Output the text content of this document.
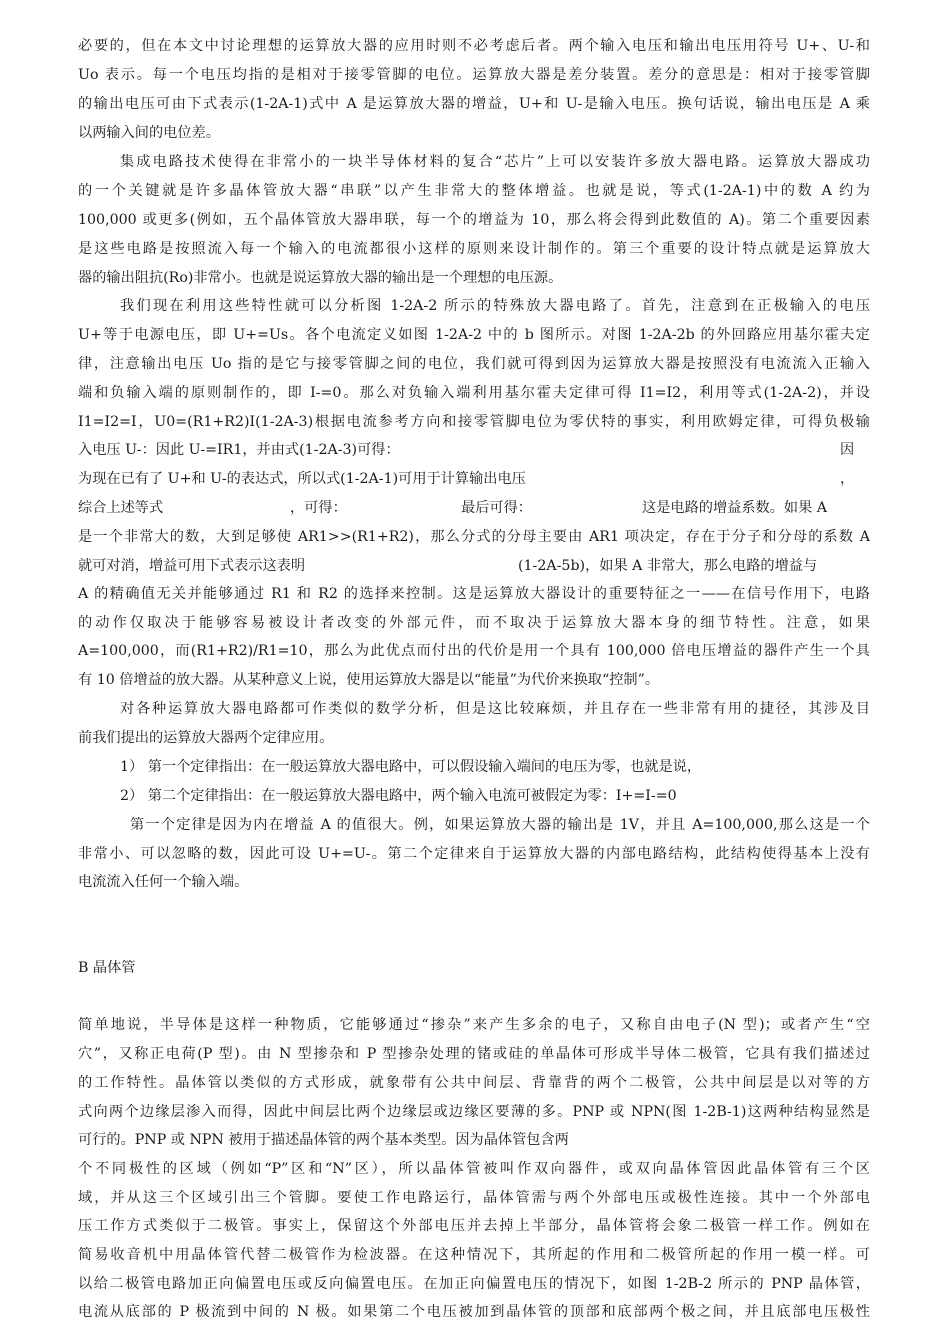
必要的，但在本文中讨论理想的运算放大器的应用时则不必考虑后者。两个输入电压和输出电压用符号 U+、U-和
Uo 表示。每一个电压均指的是相对于接零管脚的电位。运算放大器是差分装置。差分的意思是：相对于接零管脚
的输出电压可由下式表示(1-2A-1)式中 A 是运算放大器的增益，U+和 U-是输入电压。换句话说，输出电压是 A 乘
以两输入间的电位差。
集成电路技术使得在非常小的一块半导体材料的复合“芯片”上可以安装许多放大器电路。运算放大器成功
的一个关键就是许多晶体管放大器“串联”以产生非常大的整体增益。也就是说，等式(1-2A-1)中的数 A 约为
100,000 或更多(例如，五个晶体管放大器串联，每一个的增益为 10，那么将会得到此数值的 A)。第二个重要因素
是这些电路是按照流入每一个输入的电流都很小这样的原则来设计制作的。第三个重要的设计特点就是运算放大
器的输出阻抗(Ro)非常小。也就是说运算放大器的输出是一个理想的电压源。
我们现在利用这些特性就可以分析图 1-2A-2 所示的特殊放大器电路了。首先，注意到在正极输入的电压
U+等于电源电压，即 U+=Us。各个电流定义如图 1-2A-2 中的 b 图所示。对图 1-2A-2b 的外回路应用基尔霍夫定
律，注意输出电压 Uo 指的是它与接零管脚之间的电位，我们就可得到因为运算放大器是按照没有电流流入正输入
端和负输入端的原则制作的，即 I-=0。那么对负输入端利用基尔霍夫定律可得 I1=I2，利用等式(1-2A-2)，并设
I1=I2=I，U0=(R1+R2)I(1-2A-3)根据电流参考方向和接零管脚电位为零伏特的事实，利用欧姆定律，可得负极输
入电压 U-：因此 U-=IR1，并由式(1-2A-3)可得：	因
为现在已有了 U+和 U-的表达式，所以式(1-2A-1)可用于计算输出电压	，
综合上述等式	，可得：	最后可得：	这是电路的增益系数。如果 A
是一个非常大的数，大到足够使 AR1>>(R1+R2)，那么分式的分母主要由 AR1 项决定，存在于分子和分母的系数 A
就可对消，增益可用下式表示这表明	(1-2A-5b)，如果 A 非常大，那么电路的增益与
A 的精确值无关并能够通过 R1 和 R2 的选择来控制。这是运算放大器设计的重要特征之一——在信号作用下，电路
的动作仅取决于能够容易被设计者改变的外部元件，而不取决于运算放大器本身的细节特性。注意，如果
A=100,000，而(R1+R2)/R1=10，那么为此优点而付出的代价是用一个具有 100,000 倍电压增益的器件产生一个具
有 10 倍增益的放大器。从某种意义上说，使用运算放大器是以“能量”为代价来换取“控制”。
对各种运算放大器电路都可作类似的数学分析，但是这比较麻烦，并且存在一些非常有用的捷径，其涉及目
前我们提出的运算放大器两个定律应用。
1） 第一个定律指出：在一般运算放大器电路中，可以假设输入端间的电压为零，也就是说，
2） 第二个定律指出：在一般运算放大器电路中，两个输入电流可被假定为零：I+=I-=0
第一个定律是因为内在增益 A 的值很大。例，如果运算放大器的输出是 1V，并且 A=100,000,那么这是一个
非常小、可以忽略的数，因此可设 U+=U-。第二个定律来自于运算放大器的内部电路结构，此结构使得基本上没有
电流流入任何一个输入端。
B 晶体管
简单地说，半导体是这样一种物质，它能够通过“掺杂”来产生多余的电子，又称自由电子(N 型)；或者产生“空
穴”，又称正电荷(P 型)。由 N 型掺杂和 P 型掺杂处理的锗或硅的单晶体可形成半导体二极管，它具有我们描述过
的工作特性。晶体管以类似的方式形成，就象带有公共中间层、背靠背的两个二极管，公共中间层是以对等的方
式向两个边缘层渗入而得，因此中间层比两个边缘层或边缘区要薄的多。PNP 或 NPN(图 1-2B-1)这两种结构显然是
可行的。PNP 或 NPN 被用于描述晶体管的两个基本类型。因为晶体管包含两
个不同极性的区域（例如“P”区和“N”区），所以晶体管被叫作双向器件，或双向晶体管因此晶体管有三个区
域，并从这三个区域引出三个管脚。要使工作电路运行，晶体管需与两个外部电压或极性连接。其中一个外部电
压工作方式类似于二极管。事实上，保留这个外部电压并去掉上半部分，晶体管将会象二极管一样工作。例如在
简易收音机中用晶体管代替二极管作为检波器。在这种情况下，其所起的作用和二极管所起的作用一模一样。可
以给二极管电路加正向偏置电压或反向偏置电压。在加正向偏置电压的情况下，如图 1-2B-2 所示的 PNP 晶体管，
电流从底部的 P 极流到中间的 N 极。如果第二个电压被加到晶体管的顶部和底部两个极之间，并且底部电压极性
